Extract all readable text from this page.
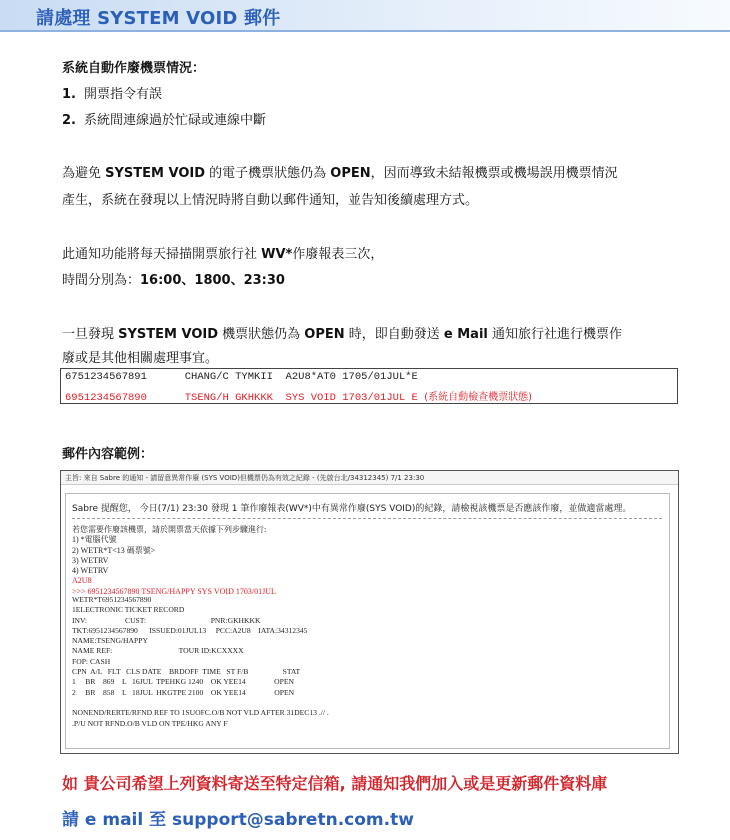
請處理 SYSTEM VOID 郵件
系統自動作廢機票情況：
1. 開票指令有誤
2. 系統間連線過於忙碌或連線中斷
為避免 SYSTEM VOID 的電子機票狀態仍為 OPEN，因而導致未結報機票或機場誤用機票情況
產生，系統在發現以上情況時將自動以郵件通知，並告知後續處理方式。
此通知功能將每天掃描開票旅行社 WV*作廢報表三次，
時間分別為：16:00、1800、23:30
一旦發現 SYSTEM VOID 機票狀態仍為 OPEN 時，即自動發送 e Mail 通知旅行社進行機票作
廢或是其他相關處理事宜。
6751234567891      CHANG/C TYMKII  A2U8*AT0 1705/01JUL*E
6951234567890      TSENG/H GKHKKK  SYS VOID 1703/01JUL E (系統自動檢查機票狀態)
郵件內容範例：
主旨: 來自 Sabre 的通知 - 請留意異常作廢 (SYS VOID)但機票仍為有效之紀錄 - (先啟台北/34312345) 7/1 23:30
Sabre 提醒您， 今日(7/1) 23:30 發現 1 筆作廢報表(WV*)中有異常作廢(SYS VOID)的紀錄，請檢視該機票是否應該作廢，並做適當處理。
若您需要作廢該機票，請於開票當天依據下列步驟進行:
1) *電腦代號
2) WETR*T<13 碼票號>
3) WETRV
4) WETRV
A2U8
>>> 6951234567890 TSENG/HAPPY SYS VOID 1703/01JUL
WETR*T6951234567890
1ELECTRONIC TICKET RECORD
INV:                    CUST:                                  PNR:GKHKKK
TKT:6951234567890      ISSUED:01JUL13     PCC:A2U8    IATA:34312345
NAME:TSENG/HAPPY
NAME REF:                                   TOUR ID:KCXXXX
FOP: CASH
CPN  A/L   FLT   CLS DATE    BRDOFF  TIME   ST F/B                  STAT
1     BR    869    L   16JUL  TPEHKG 1240    OK YEE14               OPEN
2     BR    858    L   18JUL  HKGTPE 2100    OK YEE14               OPEN

NONEND/RERTE/RFND REF TO 1SUOFC.O/B NOT VLD AFTER 31DEC13 .// .
.P/U NOT RFND.O/B VLD ON TPE/HKG ANY F
如 貴公司希望上列資料寄送至特定信箱, 請通知我們加入或是更新郵件資料庫
請 e mail 至 support@sabretn.com.tw
